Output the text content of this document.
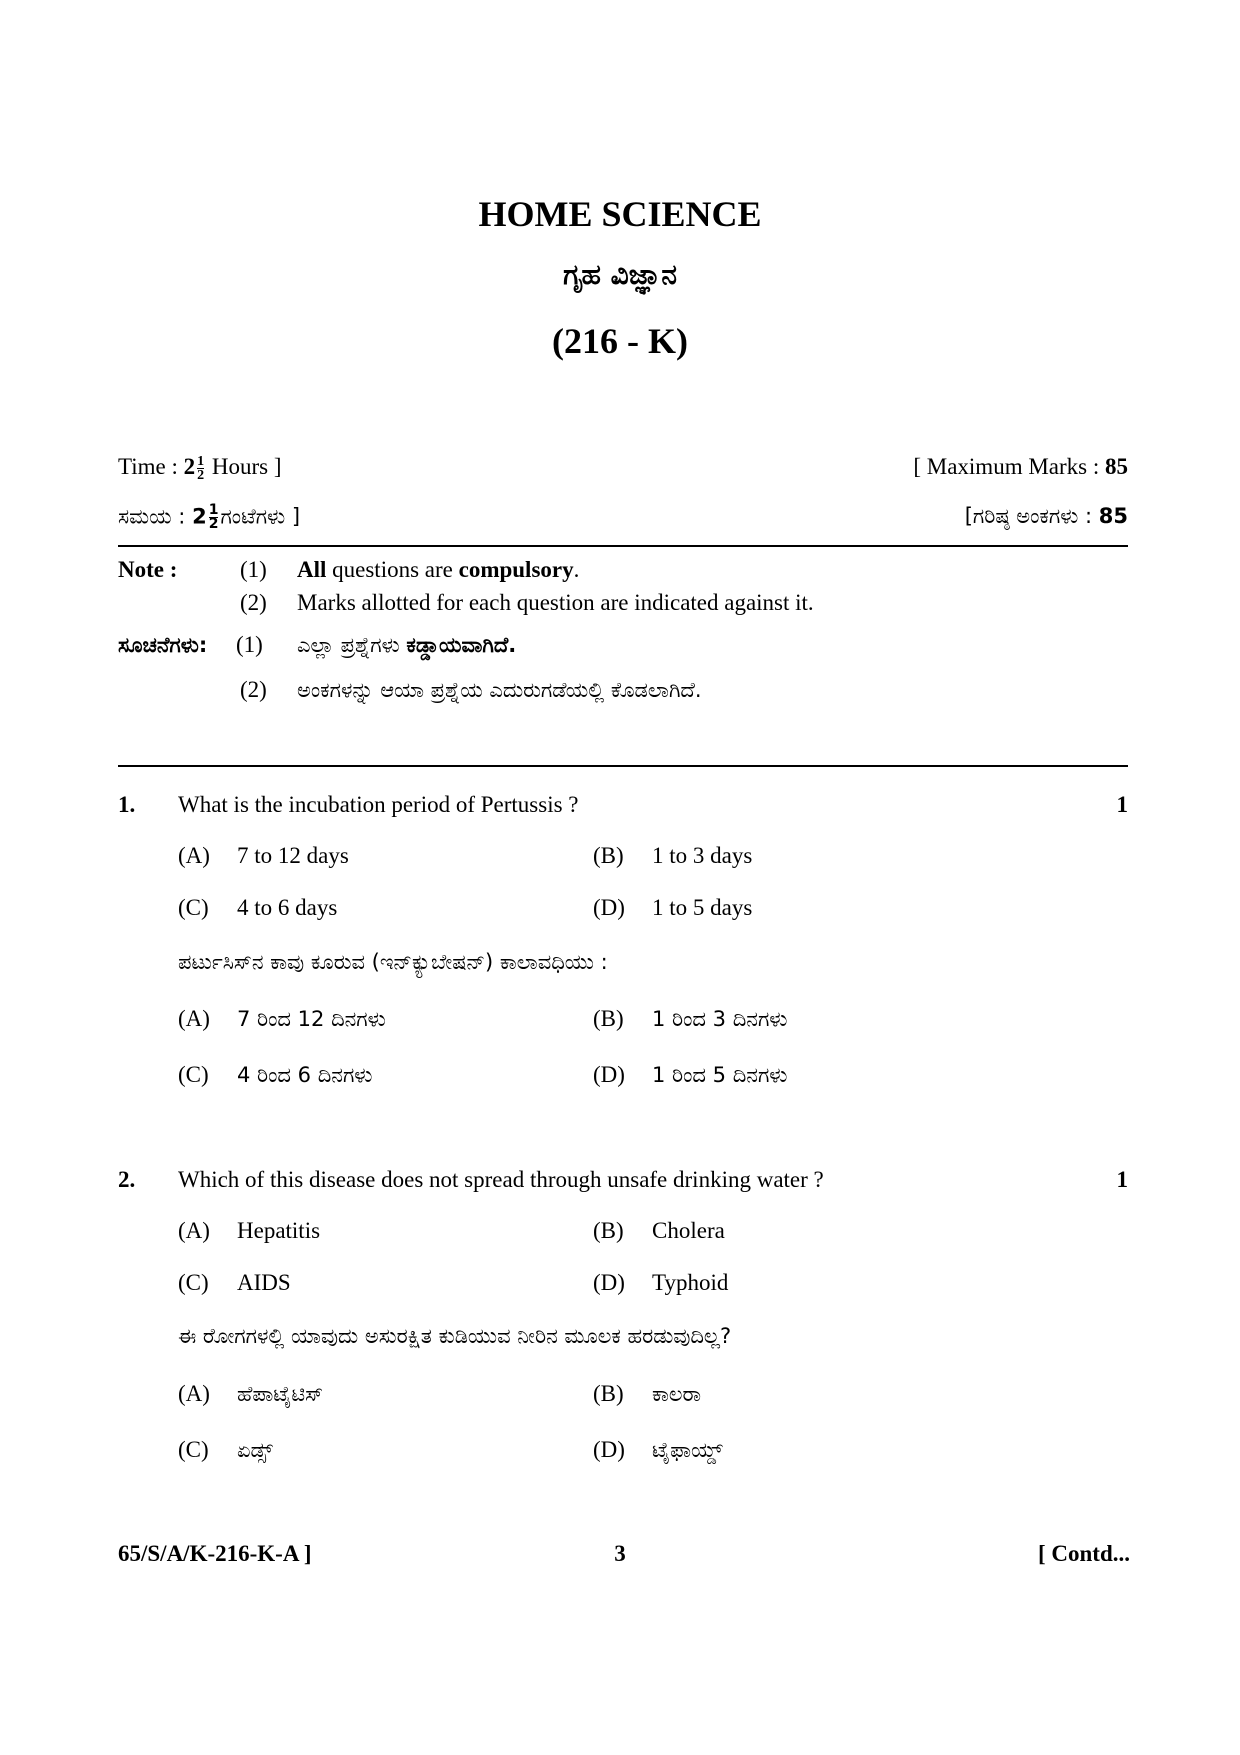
HOME SCIENCE
ಗೃಹ ವಿಜ್ಞಾನ
(216 - K)
Time : $2 \frac{1}{2}$ Hours ]	[ Maximum Marks : 85
ಸಮಯ : $2 \frac{1}{2}$ ಗಂಟೆಗಳು ]	[ಗರಿಷ್ಠ ಅಂಕಗಳು : 85
Note :	(1) All questions are compulsory.
(2) Marks allotted for each question are indicated against it.
ಸೂಚನೆಗಳು: (1) ಎಲ್ಲಾ ಪ್ರಶ್ನೆಗಳು ಕಡ್ಡಾಯವಾಗಿದೆ.
(2) ಅಂಕಗಳನ್ನು ಆಯಾ ಪ್ರಶ್ನೆಯ ಎದುರುಗಡೆಯಲ್ಲಿ ಕೊಡಲಾಗಿದೆ.
1. What is the incubation period of Pertussis ?	1
(A) 7 to 12 days	(B) 1 to 3 days
(C) 4 to 6 days	(D) 1 to 5 days
ಪರ್ಟುಸಿಸ್‌ನ ಕಾವು ಕೂರುವ (ಇನ್‌ಕ್ಯುಬೇಷನ್) ಕಾಲಾವಧಿಯು :
(A) 7 ರಿಂದ 12 ದಿನಗಳು	(B) 1 ರಿಂದ 3 ದಿನಗಳು
(C) 4 ರಿಂದ 6 ದಿನಗಳು	(D) 1 ರಿಂದ 5 ದಿನಗಳು
2. Which of this disease does not spread through unsafe drinking water ?	1
(A) Hepatitis	(B) Cholera
(C) AIDS	(D) Typhoid
ಈ ರೋಗಗಳಲ್ಲಿ ಯಾವುದು ಅಸುರಕ್ಷಿತ ಕುಡಿಯುವ ನೀರಿನ ಮೂಲಕ ಹರಡುವುದಿಲ್ಲ?
(A) ಹೆಪಾಟೈಟಿಸ್	(B) ಕಾಲರಾ
(C) ಏಡ್ಸ್	(D) ಟೈಫಾಯ್ಡ್
65/S/A/K-216-K-A ]	3	[ Contd...
